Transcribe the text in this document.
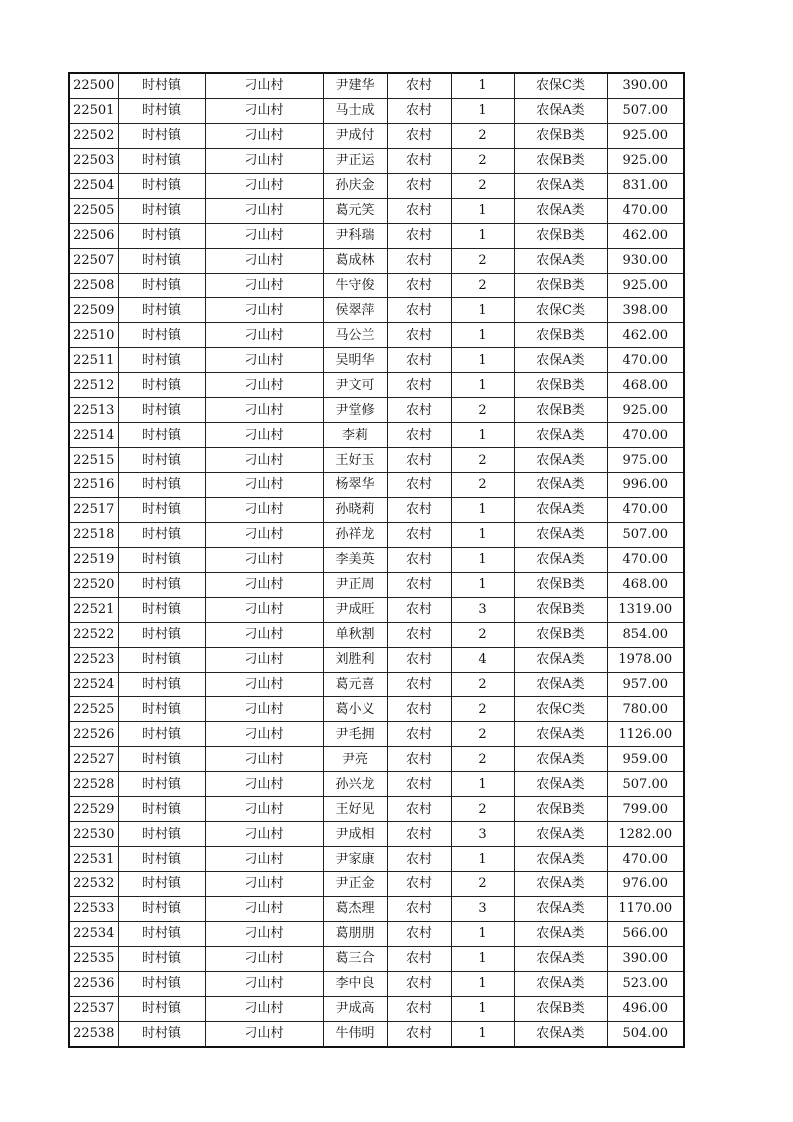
22500	时村镇	刁山村	尹建华	农村	1	农保C类	390.00
22501	时村镇	刁山村	马士成	农村	1	农保A类	507.00
22502	时村镇	刁山村	尹成付	农村	2	农保B类	925.00
22503	时村镇	刁山村	尹正运	农村	2	农保B类	925.00
22504	时村镇	刁山村	孙庆金	农村	2	农保A类	831.00
22505	时村镇	刁山村	葛元笑	农村	1	农保A类	470.00
22506	时村镇	刁山村	尹科瑞	农村	1	农保B类	462.00
22507	时村镇	刁山村	葛成林	农村	2	农保A类	930.00
22508	时村镇	刁山村	牛守俊	农村	2	农保B类	925.00
22509	时村镇	刁山村	侯翠萍	农村	1	农保C类	398.00
22510	时村镇	刁山村	马公兰	农村	1	农保B类	462.00
22511	时村镇	刁山村	吴明华	农村	1	农保A类	470.00
22512	时村镇	刁山村	尹文可	农村	1	农保B类	468.00
22513	时村镇	刁山村	尹堂修	农村	2	农保B类	925.00
22514	时村镇	刁山村	李莉	农村	1	农保A类	470.00
22515	时村镇	刁山村	王好玉	农村	2	农保A类	975.00
22516	时村镇	刁山村	杨翠华	农村	2	农保A类	996.00
22517	时村镇	刁山村	孙晓莉	农村	1	农保A类	470.00
22518	时村镇	刁山村	孙祥龙	农村	1	农保A类	507.00
22519	时村镇	刁山村	李美英	农村	1	农保A类	470.00
22520	时村镇	刁山村	尹正周	农村	1	农保B类	468.00
22521	时村镇	刁山村	尹成旺	农村	3	农保B类	1319.00
22522	时村镇	刁山村	单秋割	农村	2	农保B类	854.00
22523	时村镇	刁山村	刘胜利	农村	4	农保A类	1978.00
22524	时村镇	刁山村	葛元喜	农村	2	农保A类	957.00
22525	时村镇	刁山村	葛小义	农村	2	农保C类	780.00
22526	时村镇	刁山村	尹毛拥	农村	2	农保A类	1126.00
22527	时村镇	刁山村	尹亮	农村	2	农保A类	959.00
22528	时村镇	刁山村	孙兴龙	农村	1	农保A类	507.00
22529	时村镇	刁山村	王好见	农村	2	农保B类	799.00
22530	时村镇	刁山村	尹成相	农村	3	农保A类	1282.00
22531	时村镇	刁山村	尹家康	农村	1	农保A类	470.00
22532	时村镇	刁山村	尹正金	农村	2	农保A类	976.00
22533	时村镇	刁山村	葛杰理	农村	3	农保A类	1170.00
22534	时村镇	刁山村	葛朋朋	农村	1	农保A类	566.00
22535	时村镇	刁山村	葛三合	农村	1	农保A类	390.00
22536	时村镇	刁山村	李中良	农村	1	农保A类	523.00
22537	时村镇	刁山村	尹成高	农村	1	农保B类	496.00
22538	时村镇	刁山村	牛伟明	农村	1	农保A类	504.00
